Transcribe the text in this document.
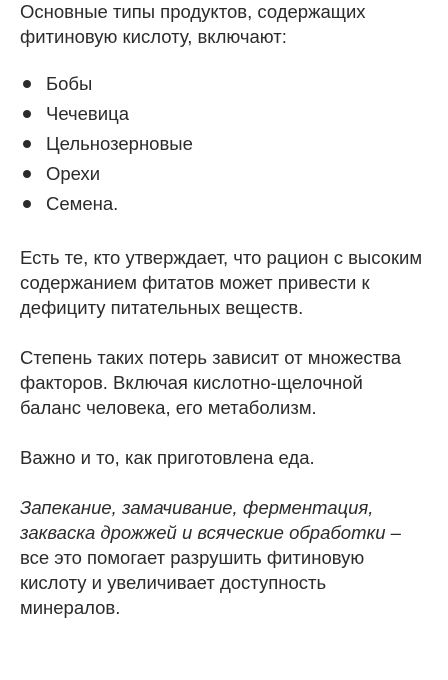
Основные типы продуктов, содержащих фитиновую кислоту, включают:

Бобы
Чечевица
Цельнозерновые
Орехи
Семена.

Есть те, кто утверждает, что рацион с высоким содержанием фитатов может привести к дефициту питательных веществ.

Степень таких потерь зависит от множества факторов. Включая кислотно-щелочной баланс человека, его метаболизм.

Важно и то, как приготовлена еда.

Запекание, замачивание, ферментация, закваска дрожжей и всяческие обработки – все это помогает разрушить фитиновую кислоту и увеличивает доступность минералов.
